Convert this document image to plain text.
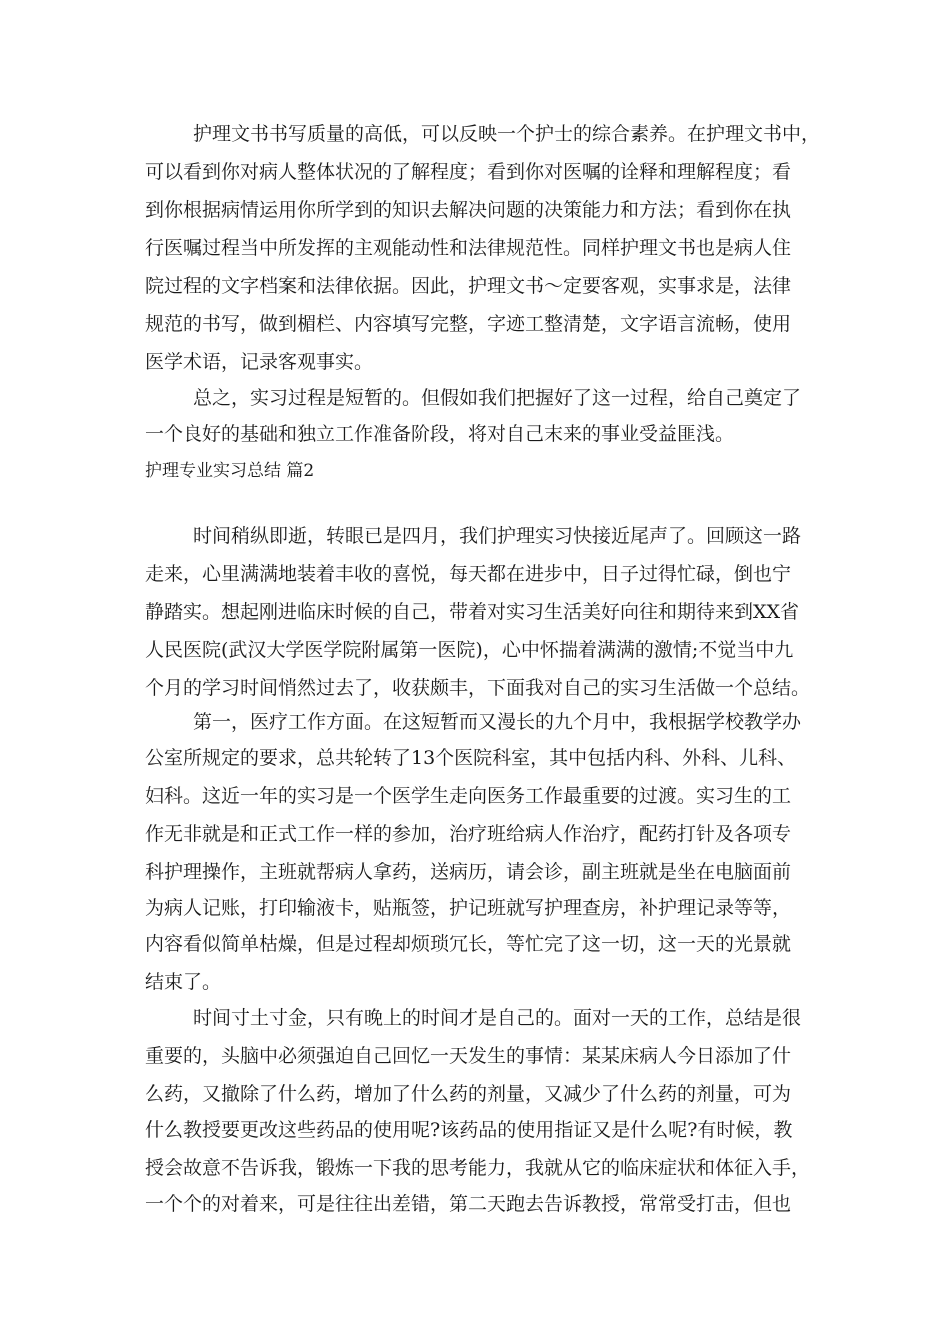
护理文书书写质量的高低，可以反映一个护士的综合素养。在护理文书中，
可以看到你对病人整体状况的了解程度；看到你对医嘱的诠释和理解程度；看
到你根据病情运用你所学到的知识去解决问题的决策能力和方法；看到你在执
行医嘱过程当中所发挥的主观能动性和法律规范性。同样护理文书也是病人住
院过程的文字档案和法律依据。因此，护理文书～定要客观，实事求是，法律
规范的书写，做到楣栏、内容填写完整，字迹工整清楚，文字语言流畅，使用
医学术语，记录客观事实。
总之，实习过程是短暂的。但假如我们把握好了这一过程，给自己奠定了
一个良好的基础和独立工作准备阶段，将对自己末来的事业受益匪浅。
护理专业实习总结 篇2
时间稍纵即逝，转眼已是四月，我们护理实习快接近尾声了。回顾这一路
走来，心里满满地装着丰收的喜悦，每天都在进步中，日子过得忙碌，倒也宁
静踏实。想起刚进临床时候的自己，带着对实习生活美好向往和期待来到XX省
人民医院(武汉大学医学院附属第一医院)，心中怀揣着满满的激情;不觉当中九
个月的学习时间悄然过去了，收获颇丰，下面我对自己的实习生活做一个总结。
第一，医疗工作方面。在这短暂而又漫长的九个月中，我根据学校教学办
公室所规定的要求，总共轮转了13个医院科室，其中包括内科、外科、儿科、
妇科。这近一年的实习是一个医学生走向医务工作最重要的过渡。实习生的工
作无非就是和正式工作一样的参加，治疗班给病人作治疗，配药打针及各项专
科护理操作，主班就帮病人拿药，送病历，请会诊，副主班就是坐在电脑面前
为病人记账，打印输液卡，贴瓶签，护记班就写护理查房，补护理记录等等，
内容看似简单枯燥，但是过程却烦琐冗长，等忙完了这一切，这一天的光景就
结束了。
时间寸土寸金，只有晚上的时间才是自己的。面对一天的工作，总结是很
重要的，头脑中必须强迫自己回忆一天发生的事情：某某床病人今日添加了什
么药，又撤除了什么药，增加了什么药的剂量，又减少了什么药的剂量，可为
什么教授要更改这些药品的使用呢?该药品的使用指证又是什么呢?有时候，教
授会故意不告诉我，锻炼一下我的思考能力，我就从它的临床症状和体征入手，
一个个的对着来，可是往往出差错，第二天跑去告诉教授，常常受打击，但也
